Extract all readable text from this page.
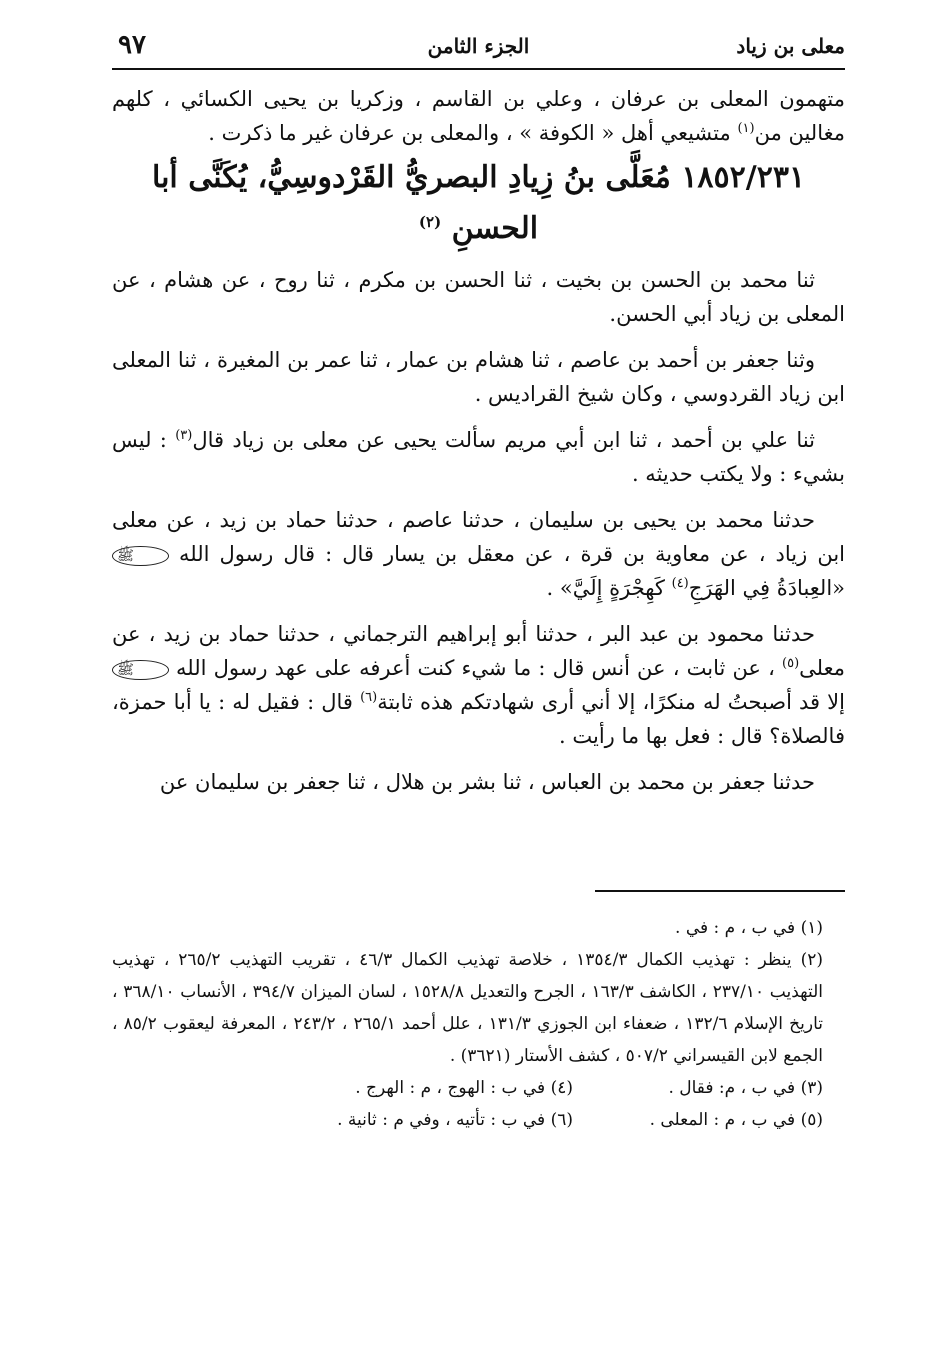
معلى بن زياد
الجزء الثامن
٩٧

متهمون المعلى بن عرفان ، وعلي بن القاسم ، وزكريا بن يحيى الكسائي ، كلهم مغالين من$^{(١)}$ متشيعي أهل « الكوفة » ، والمعلى بن عرفان غير ما ذكرت .

١٨٥٢/٢٣١ مُعَلَّى بنُ زِيادِ البصريُّ القَرْدوسِيُّ، يُكَنَّى أبا الحسنِ $^{(٢)}$

ثنا محمد بن الحسن بن بخيت ، ثنا الحسن بن مكرم ، ثنا روح ، عن هشام ، عن المعلى بن زياد أبي الحسن.

وثنا جعفر بن أحمد بن عاصم ، ثنا هشام بن عمار ، ثنا عمر بن المغيرة ، ثنا المعلى ابن زياد القردوسي ، وكان شيخ القراديس .

ثنا علي بن أحمد ، ثنا ابن أبي مريم سألت يحيى عن معلى بن زياد قال$^{(٣)}$ : ليس بشيء : ولا يكتب حديثه .

حدثنا محمد بن يحيى بن سليمان ، حدثنا عاصم ، حدثنا حماد بن زيد ، عن معلى ابن زياد ، عن معاوية بن قرة ، عن معقل بن يسار قال : قال رسول الله ﷺ «العِبادَةُ فِي الهَرَجِ$^{(٤)}$ كَهِجْرَةٍ إِلَيَّ» .

حدثنا محمود بن عبد البر ، حدثنا أبو إبراهيم الترجماني ، حدثنا حماد بن زيد ، عن معلى$^{(٥)}$ ، عن ثابت ، عن أنس قال : ما شيء كنت أعرفه على عهد رسول الله ﷺ إلا قد أصبحتُ له منكرًا، إلا أني أرى شهادتكم هذه ثابتة$^{(٦)}$ قال : فقيل له : يا أبا حمزة، فالصلاة؟ قال : فعل بها ما رأيت .

حدثنا جعفر بن محمد بن العباس ، ثنا بشر بن هلال ، ثنا جعفر بن سليمان عن

(١) في ب ، م : في .

(٢) ينظر : تهذيب الكمال ١٣٥٤/٣ ، خلاصة تهذيب الكمال ٤٦/٣ ، تقريب التهذيب ٢٦٥/٢ ، تهذيب التهذيب ٢٣٧/١٠ ، الكاشف ١٦٣/٣ ، الجرح والتعديل ١٥٢٨/٨ ، لسان الميزان ٣٩٤/٧ ، الأنساب ٣٦٨/١٠ ، تاريخ الإسلام ١٣٢/٦ ، ضعفاء ابن الجوزي ١٣١/٣ ، علل أحمد ٢٦٥/١ ، ٢٤٣/٢ ، المعرفة ليعقوب ٨٥/٢ ، الجمع لابن القيسراني ٥٠٧/٢ ، كشف الأستار (٣٦٢١) .

(٣) في ب ، م: فقال .
(٤) في ب : الهوج ، م : الهرج .
(٥) في ب ، م : المعلى .
(٦) في ب : تأتيه ، وفي م : ثانية .
